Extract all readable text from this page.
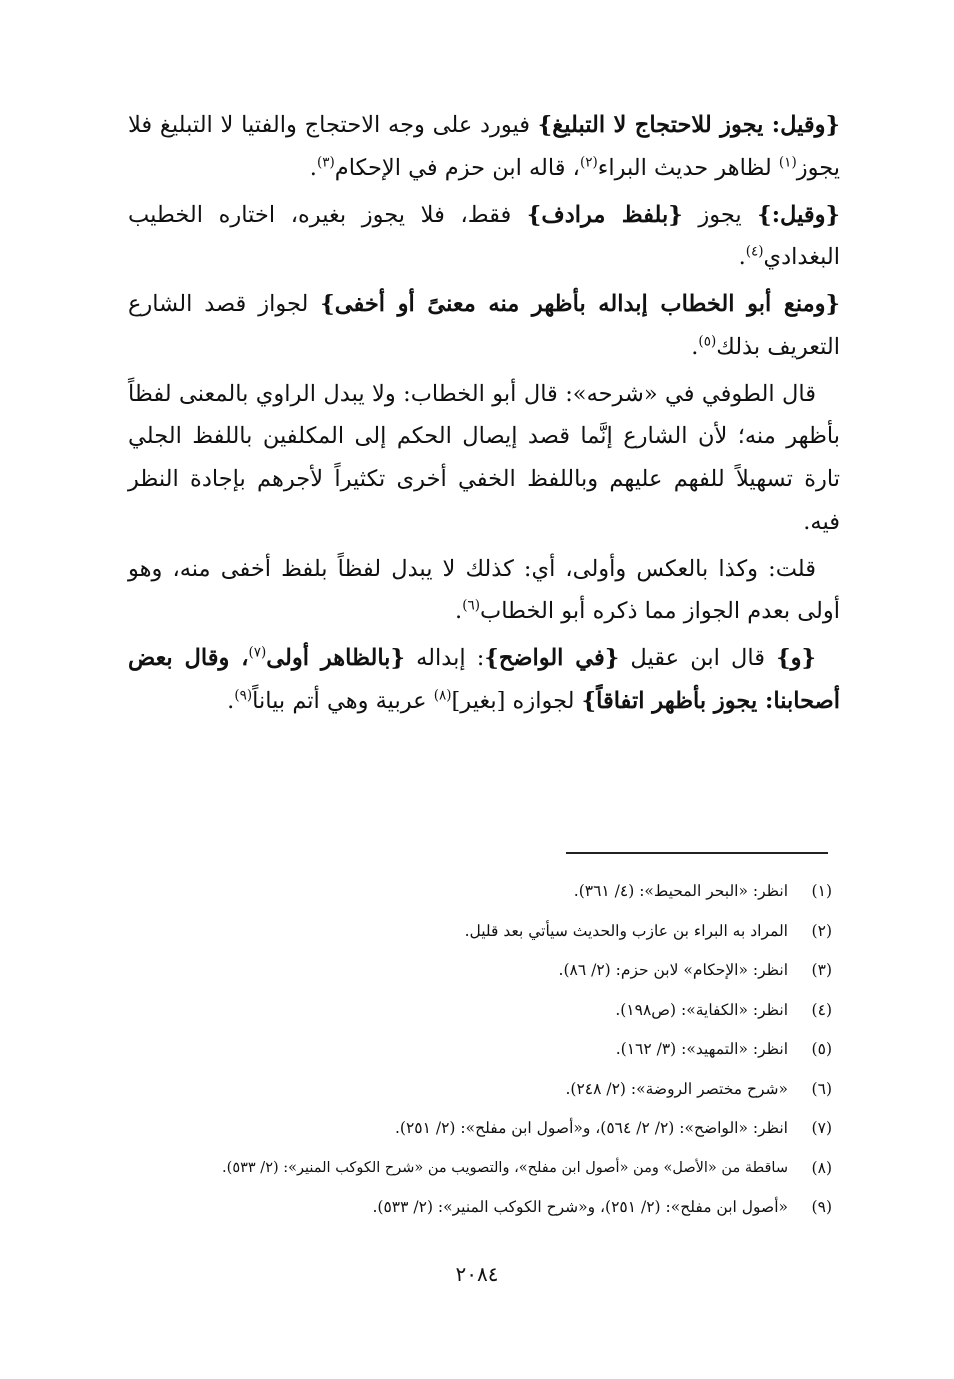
{وقيل: يجوز للاحتجاج لا التبليغ} فيورد على وجه الاحتجاج والفتيا لا التبليغ فلا يجوز$^{(١)}$ لظاهر حديث البراء$^{(٢)}$، قاله ابن حزم في الإحكام$^{(٣)}$.

{وقيل:} يجوز {بلفظ مرادف} فقط، فلا يجوز بغيره، اختاره الخطيب البغدادي$^{(٤)}$.

{ومنع أبو الخطاب إبداله بأظهر منه معنىً أو أخفى} لجواز قصد الشارع التعريف بذلك$^{(٥)}$.

قال الطوفي في «شرحه»: قال أبو الخطاب: ولا يبدل الراوي بالمعنى لفظاً بأظهر منه؛ لأن الشارع إنَّما قصد إيصال الحكم إلى المكلفين باللفظ الجلي تارة تسهيلاً للفهم عليهم وباللفظ الخفي أخرى تكثيراً لأجرهم بإجادة النظر فيه.

قلت: وكذا بالعكس وأولى، أي: كذلك لا يبدل لفظاً بلفظ أخفى منه، وهو أولى بعدم الجواز مما ذكره أبو الخطاب$^{(٦)}$.

{و} قال ابن عقيل {في الواضح}: إبداله {بالظاهر أولى$^{(٧)}$، وقال بعض أصحابنا: يجوز بأظهر اتفاقاً} لجوازه [بغير]$^{(٨)}$ عربية وهي أتم بياناً$^{(٩)}$.

(١)
انظر: «البحر المحيط»: (٤/ ٣٦١).
(٢)
المراد به البراء بن عازب والحديث سيأتي بعد قليل.
(٣)
انظر: «الإحكام» لابن حزم: (٢/ ٨٦).
(٤)
انظر: «الكفاية»: (ص١٩٨).
(٥)
انظر: «التمهيد»: (٣/ ١٦٢).
(٦)
«شرح مختصر الروضة»: (٢/ ٢٤٨).
(٧)
انظر: «الواضح»: (٢/ ٢/ ٥٦٤)، و«أصول ابن مفلح»: (٢/ ٢٥١).
(٨)
ساقطة من «الأصل» ومن «أصول ابن مفلح»، والتصويب من «شرح الكوكب المنير»: (٢/ ٥٣٣).
(٩)
«أصول ابن مفلح»: (٢/ ٢٥١)، و«شرح الكوكب المنير»: (٢/ ٥٣٣).
٢٠٨٤
